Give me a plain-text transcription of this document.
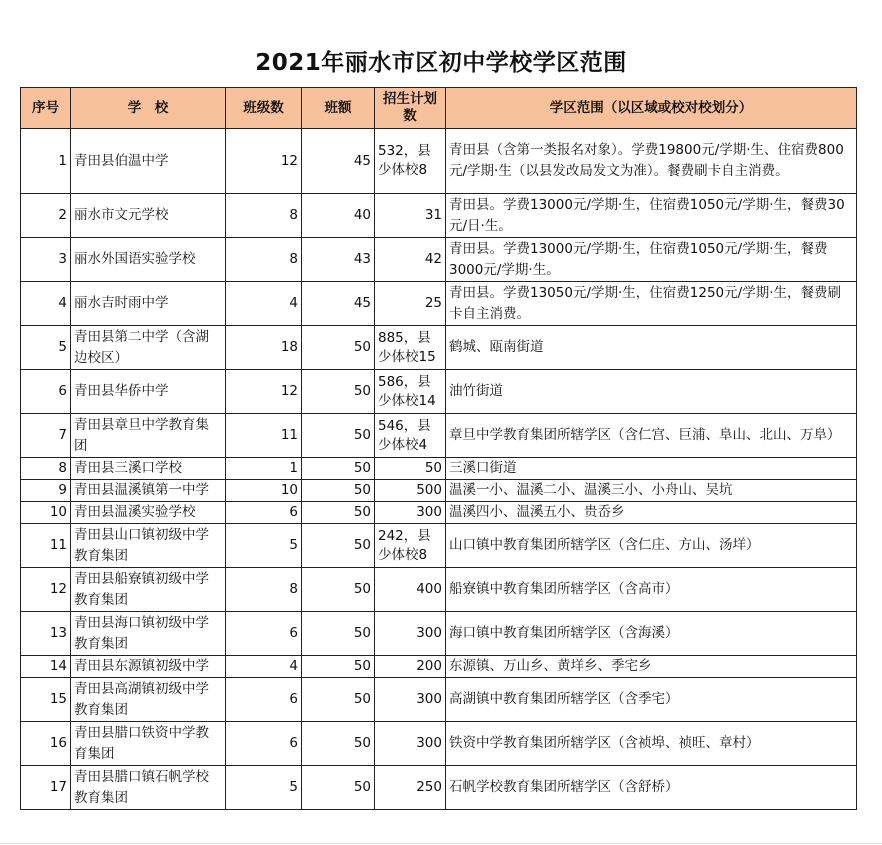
2021年丽水市区初中学校学区范围
序号	学　校	班级数	班额	招生计划数	学区范围（以区域或校对校划分）
1	青田县伯温中学	12	45	532，县少体校8	青田县（含第一类报名对象）。学费19800元/学期·生、住宿费800元/学期·生（以县发改局发文为准）。餐费刷卡自主消费。
2	丽水市文元学校	8	40	31	青田县。学费13000元/学期·生，住宿费1050元/学期·生，餐费30元/日·生。
3	丽水外国语实验学校	8	43	42	青田县。学费13000元/学期·生，住宿费1050元/学期·生，餐费3000元/学期·生。
4	丽水吉时雨中学	4	45	25	青田县。学费13050元/学期·生，住宿费1250元/学期·生，餐费刷卡自主消费。
5	青田县第二中学（含湖边校区）	18	50	885，县少体校15	鹤城、瓯南街道
6	青田县华侨中学	12	50	586，县少体校14	油竹街道
7	青田县章旦中学教育集团	11	50	546，县少体校4	章旦中学教育集团所辖学区（含仁宫、巨浦、阜山、北山、万阜）
8	青田县三溪口学校	1	50	50	三溪口街道
9	青田县温溪镇第一中学	10	50	500	温溪一小、温溪二小、温溪三小、小舟山、吴坑
10	青田县温溪实验学校	6	50	300	温溪四小、温溪五小、贵岙乡
11	青田县山口镇初级中学教育集团	5	50	242，县少体校8	山口镇中教育集团所辖学区（含仁庄、方山、汤垟）
12	青田县船寮镇初级中学教育集团	8	50	400	船寮镇中教育集团所辖学区（含高市）
13	青田县海口镇初级中学教育集团	6	50	300	海口镇中教育集团所辖学区（含海溪）
14	青田县东源镇初级中学	4	50	200	东源镇、万山乡、黄垟乡、季宅乡
15	青田县高湖镇初级中学教育集团	6	50	300	高湖镇中教育集团所辖学区（含季宅）
16	青田县腊口铁资中学教育集团	6	50	300	铁资中学教育集团所辖学区（含祯埠、祯旺、章村）
17	青田县腊口镇石帆学校教育集团	5	50	250	石帆学校教育集团所辖学区（含舒桥）
